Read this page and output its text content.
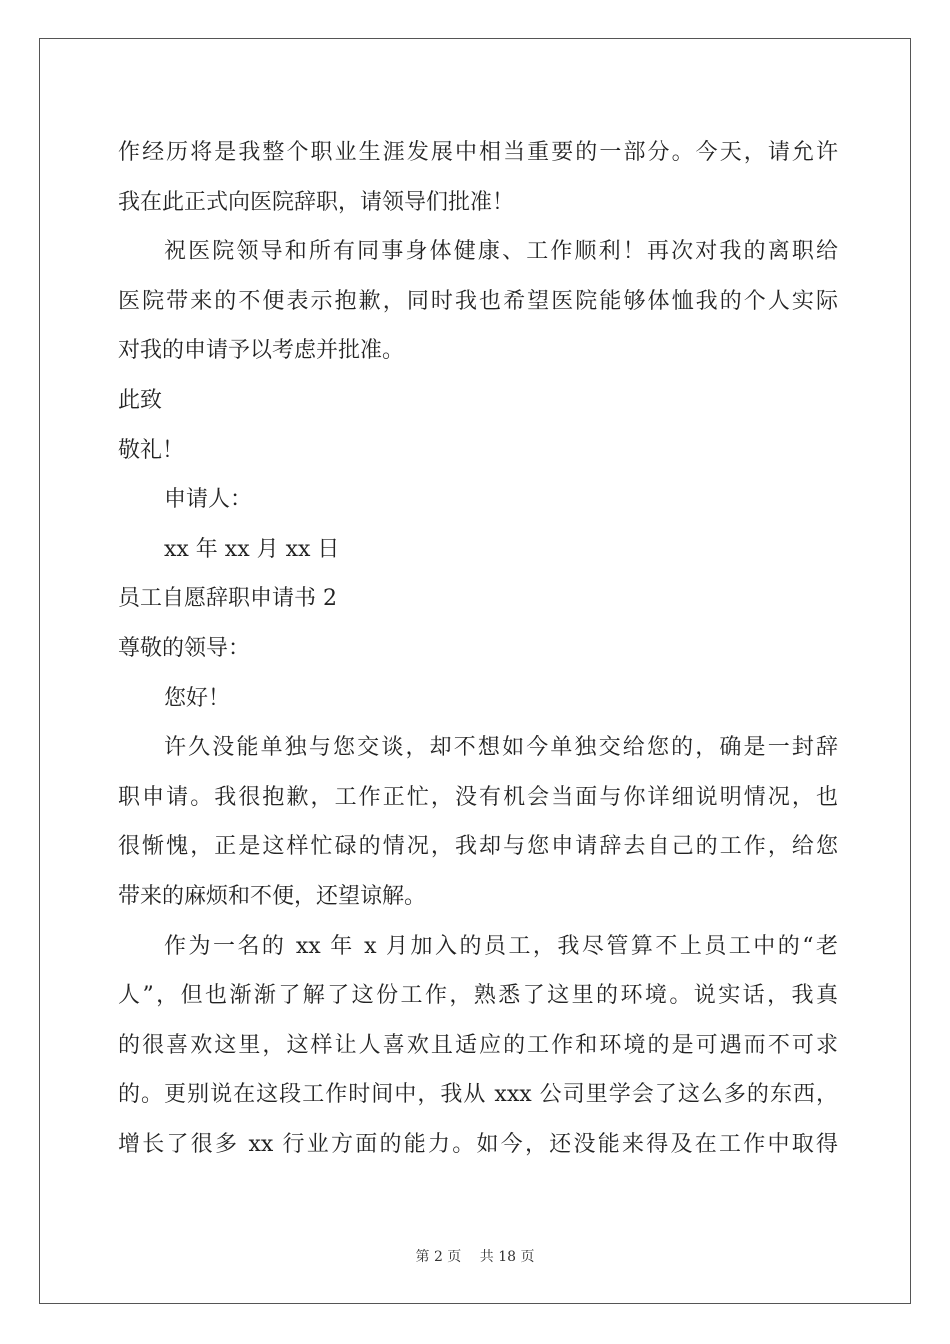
作经历将是我整个职业生涯发展中相当重要的一部分。今天，请允许
我在此正式向医院辞职，请领导们批准！
祝医院领导和所有同事身体健康、工作顺利！再次对我的离职给
医院带来的不便表示抱歉，同时我也希望医院能够体恤我的个人实际
对我的申请予以考虑并批准。
此致
敬礼！
申请人：
xx 年 xx 月 xx 日
员工自愿辞职申请书 2
尊敬的领导：
您好！
许久没能单独与您交谈，却不想如今单独交给您的，确是一封辞
职申请。我很抱歉，工作正忙，没有机会当面与你详细说明情况，也
很惭愧，正是这样忙碌的情况，我却与您申请辞去自己的工作，给您
带来的麻烦和不便，还望谅解。
作为一名的 xx 年 x 月加入的员工，我尽管算不上员工中的“老
人”，但也渐渐了解了这份工作，熟悉了这里的环境。说实话，我真
的很喜欢这里，这样让人喜欢且适应的工作和环境的是可遇而不可求
的。更别说在这段工作时间中，我从 xxx 公司里学会了这么多的东西，
增长了很多 xx 行业方面的能力。如今，还没能来得及在工作中取得
第 2 页 共 18 页
